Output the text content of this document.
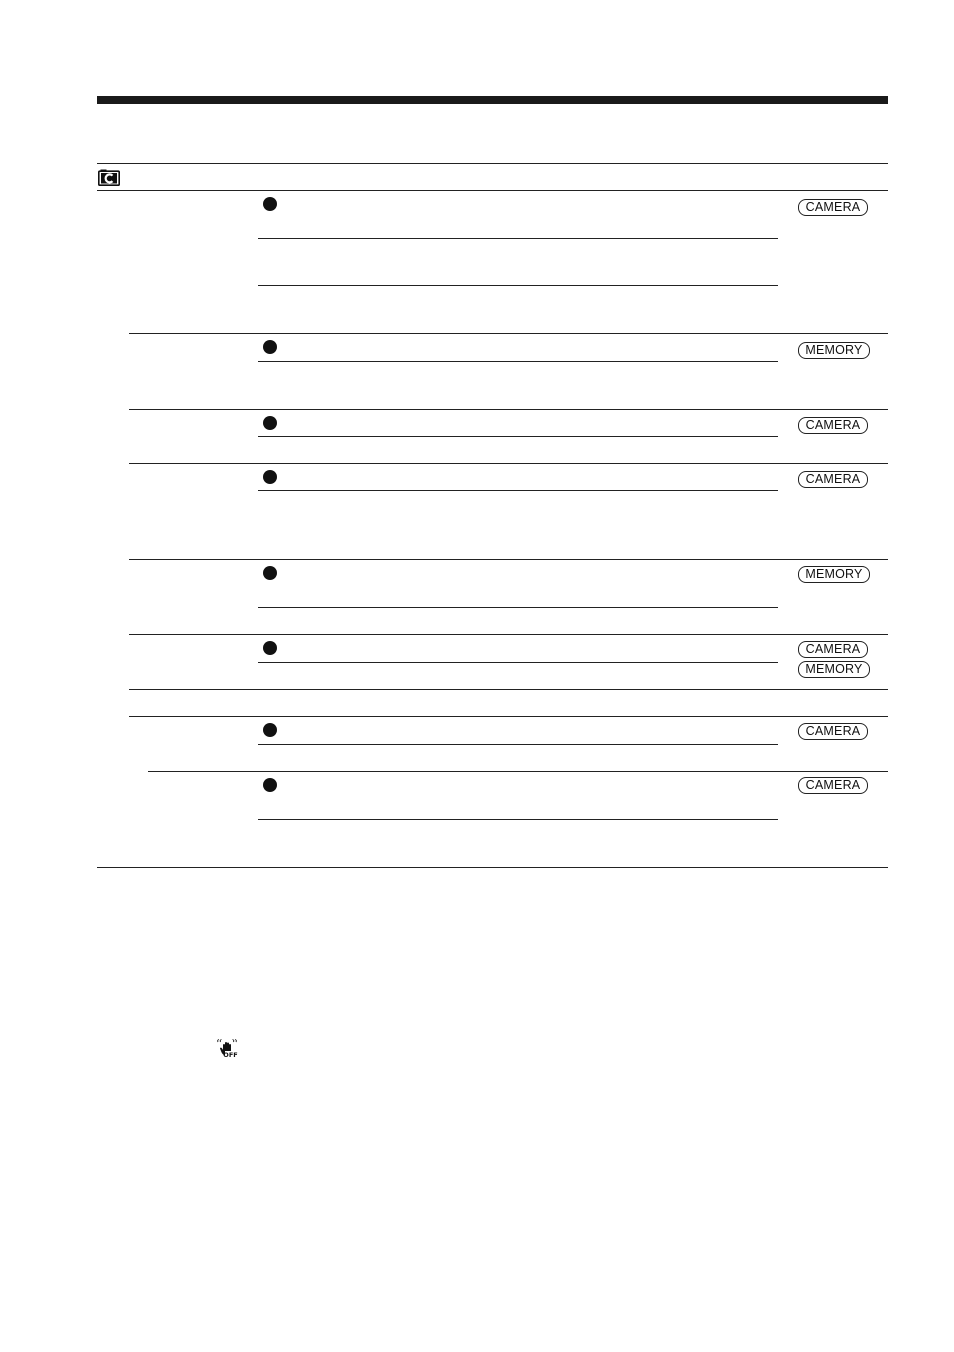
CAMERA
MEMORY
CAMERA
CAMERA
MEMORY
CAMERA
MEMORY
CAMERA
CAMERA
OFF
